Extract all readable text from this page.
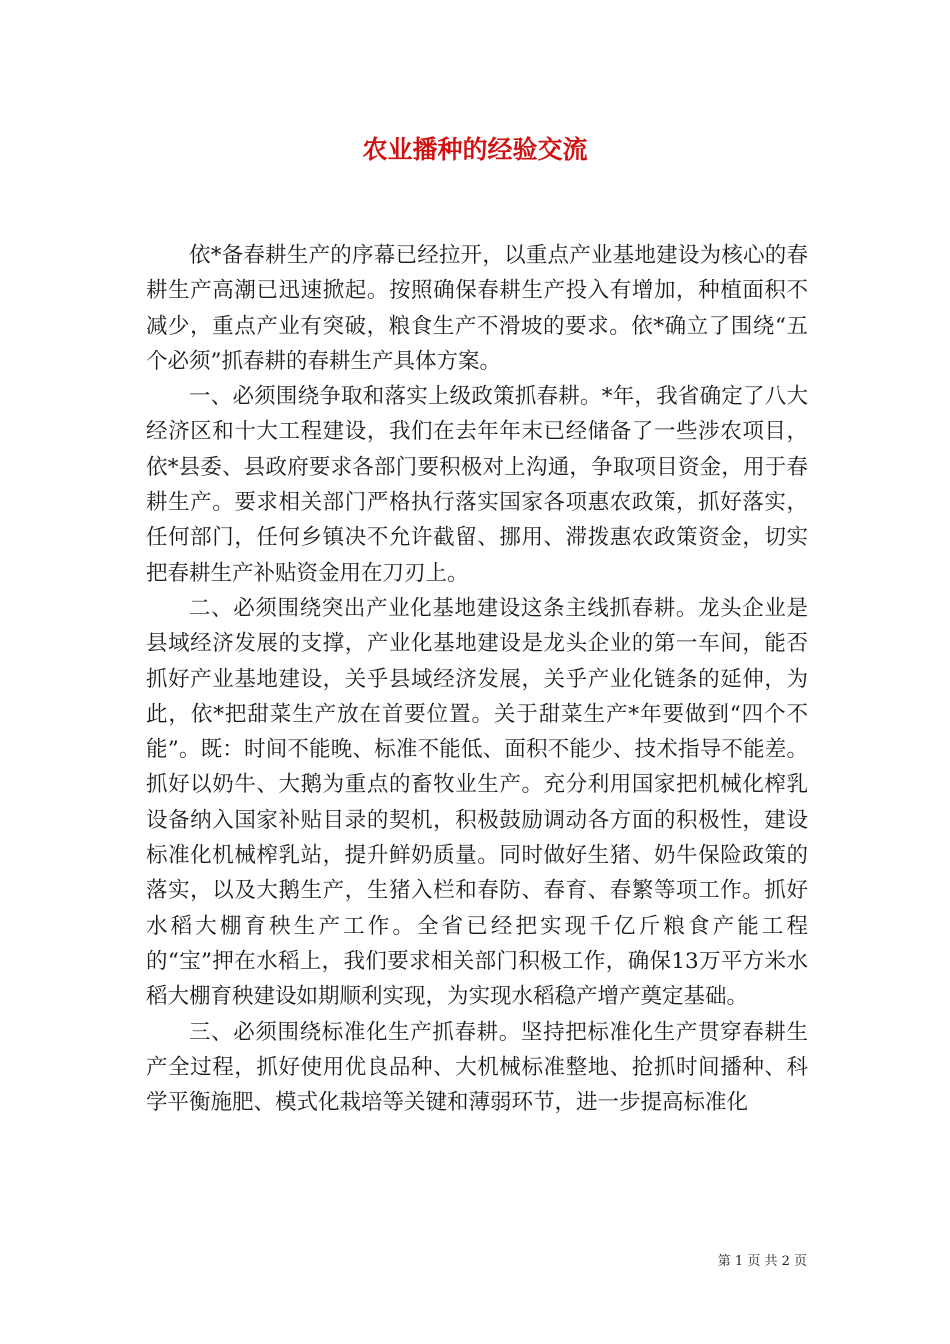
农业播种的经验交流

依*备春耕生产的序幕已经拉开，以重点产业基地建设为核心的春耕生产高潮已迅速掀起。按照确保春耕生产投入有增加，种植面积不减少，重点产业有突破，粮食生产不滑坡的要求。依*确立了围绕“五个必须”抓春耕的春耕生产具体方案。

一、必须围绕争取和落实上级政策抓春耕。*年，我省确定了八大经济区和十大工程建设，我们在去年年末已经储备了一些涉农项目，依*县委、县政府要求各部门要积极对上沟通，争取项目资金，用于春耕生产。要求相关部门严格执行落实国家各项惠农政策，抓好落实，任何部门，任何乡镇决不允许截留、挪用、滞拨惠农政策资金，切实把春耕生产补贴资金用在刀刃上。

二、必须围绕突出产业化基地建设这条主线抓春耕。龙头企业是县域经济发展的支撑，产业化基地建设是龙头企业的第一车间，能否抓好产业基地建设，关乎县域经济发展，关乎产业化链条的延伸，为此，依*把甜菜生产放在首要位置。关于甜菜生产*年要做到“四个不能”。既：时间不能晚、标准不能低、面积不能少、技术指导不能差。抓好以奶牛、大鹅为重点的畜牧业生产。充分利用国家把机械化榨乳设备纳入国家补贴目录的契机，积极鼓励调动各方面的积极性，建设标准化机械榨乳站，提升鲜奶质量。同时做好生猪、奶牛保险政策的落实，以及大鹅生产，生猪入栏和春防、春育、春繁等项工作。抓好水稻大棚育秧生产工作。全省已经把实现千亿斤粮食产能工程的“宝”押在水稻上，我们要求相关部门积极工作，确保13万平方米水稻大棚育秧建设如期顺利实现，为实现水稻稳产增产奠定基础。

三、必须围绕标准化生产抓春耕。坚持把标准化生产贯穿春耕生产全过程，抓好使用优良品种、大机械标准整地、抢抓时间播种、科学平衡施肥、模式化栽培等关键和薄弱环节，进一步提高标准化

第 1 页 共 2 页
